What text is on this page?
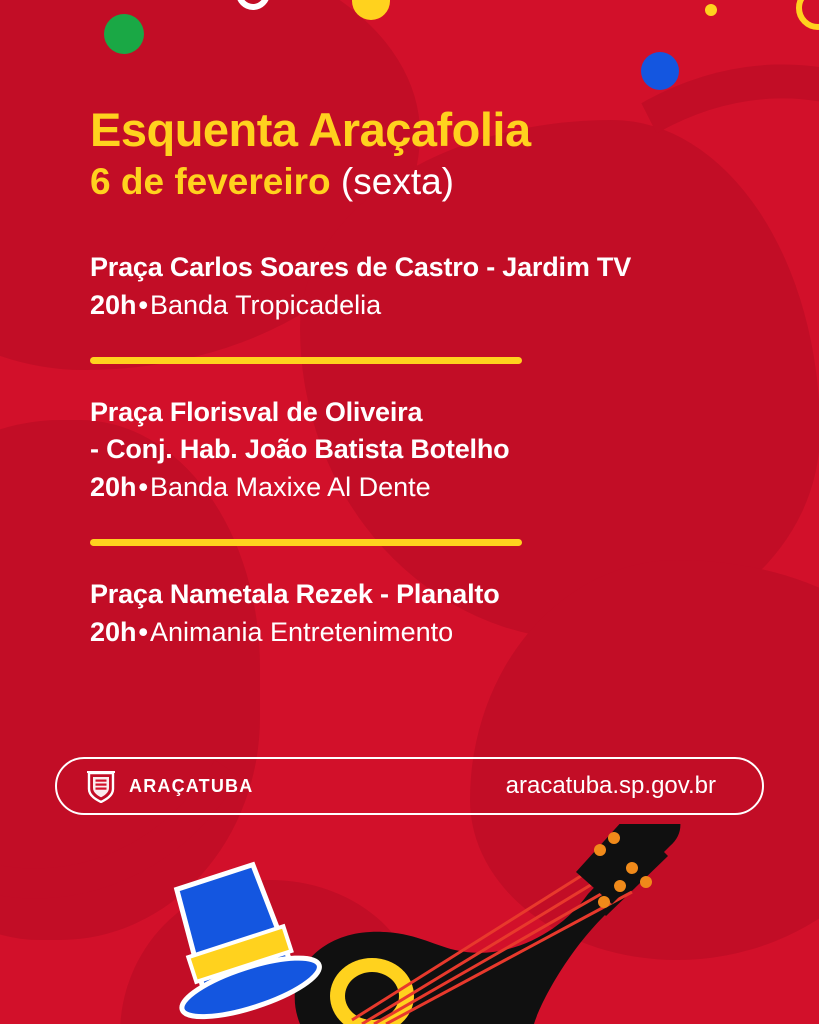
Esquenta Araçafolia

6 de fevereiro (sexta)

Praça Carlos Soares de Castro - Jardim TV

20h•Banda Tropicadelia

Praça Florisval de Oliveira

- Conj. Hab. João Batista Botelho

20h•Banda Maxixe Al Dente

Praça Nametala Rezek - Planalto

20h•Animania Entretenimento

ARAÇATUBA	aracatuba.sp.gov.br
